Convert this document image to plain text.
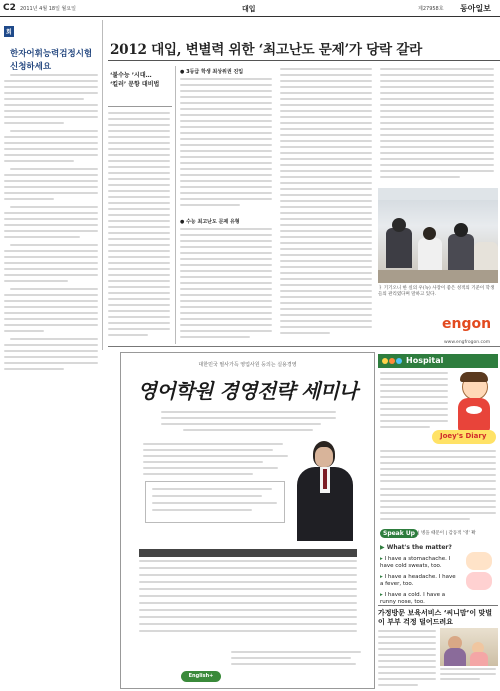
C2 2011년 4월 18일 월요일	대입	제27958호 동아일보
회
한자어휘능력검정시험
신청하세요
2012 대입, 변별력 위한 ‘최고난도 문제’가 당락 갈라
‘불수능 ’시대…
‘킬러’ 문항 대비법
● 3등급 학생 최상위권 진입
● 수능 최고난도 문제 유형
ㅏ 기기오니 한 실의 우(녹) 사장이 좋은 성적의 기준이 학생들의 관리였다며 말하고 있다.
대한민국 필사가득 영업사원 등의는 실용경영
영어학원 경영전략 세미나
English+
engon
www.engfrogon.com
Hospital
Joey's Diary
Speak Up | 병을 때문이 | 감동적 '영' 확
▶ What's the matter?
▸ I have a stomachache. I have cold sweats, too.
▸ I have a headache. I have a fever, too.
▸ I have a cold. I have a runny nose, too.
가정방문 보육서비스 ‘씨니맘’이 맞벌이 부부 걱정 덜어드려요
